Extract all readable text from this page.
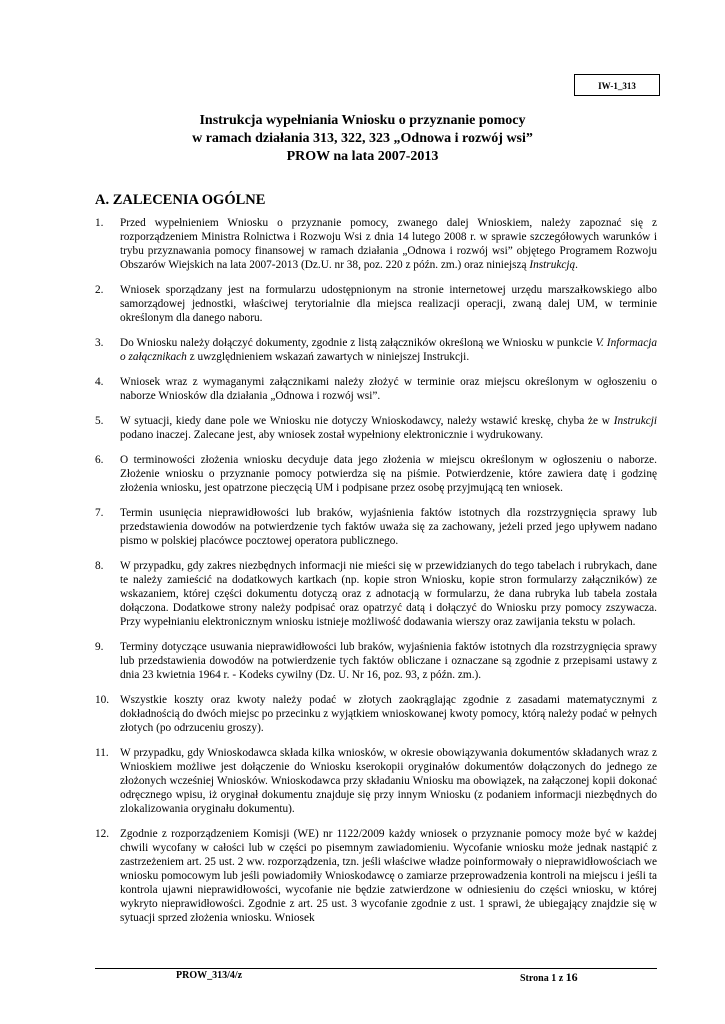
IW-1_313
Instrukcja wypełniania Wniosku o przyznanie pomocy
w ramach działania 313, 322, 323 „Odnowa i rozwój wsi”
PROW na lata 2007-2013
A. ZALECENIA OGÓLNE
1. Przed wypełnieniem Wniosku o przyznanie pomocy, zwanego dalej Wnioskiem, należy zapoznać się z rozporządzeniem Ministra Rolnictwa i Rozwoju Wsi z dnia 14 lutego 2008 r. w sprawie szczegółowych warunków i trybu przyznawania pomocy finansowej w ramach działania „Odnowa i rozwój wsi” objętego Programem Rozwoju Obszarów Wiejskich na lata 2007-2013 (Dz.U. nr 38, poz. 220 z późn. zm.) oraz niniejszą Instrukcją.
2. Wniosek sporządzany jest na formularzu udostępnionym na stronie internetowej urzędu marszałkowskiego albo samorządowej jednostki, właściwej terytorialnie dla miejsca realizacji operacji, zwaną dalej UM, w terminie określonym dla danego naboru.
3. Do Wniosku należy dołączyć dokumenty, zgodnie z listą załączników określoną we Wniosku w punkcie V. Informacja o załącznikach z uwzględnieniem wskazań zawartych w niniejszej Instrukcji.
4. Wniosek wraz z wymaganymi załącznikami należy złożyć w terminie oraz miejscu określonym w ogłoszeniu o naborze Wniosków dla działania „Odnowa i rozwój wsi”.
5. W sytuacji, kiedy dane pole we Wniosku nie dotyczy Wnioskodawcy, należy wstawić kreskę, chyba że w Instrukcji podano inaczej. Zalecane jest, aby wniosek został wypełniony elektronicznie i wydrukowany.
6. O terminowości złożenia wniosku decyduje data jego złożenia w miejscu określonym w ogłoszeniu o naborze. Złożenie wniosku o przyznanie pomocy potwierdza się na piśmie. Potwierdzenie, które zawiera datę i godzinę złożenia wniosku, jest opatrzone pieczęcią UM i podpisane przez osobę przyjmującą ten wniosek.
7. Termin usunięcia nieprawidłowości lub braków, wyjaśnienia faktów istotnych dla rozstrzygnięcia sprawy lub przedstawienia dowodów na potwierdzenie tych faktów uważa się za zachowany, jeżeli przed jego upływem nadano pismo w polskiej placówce pocztowej operatora publicznego.
8. W przypadku, gdy zakres niezbędnych informacji nie mieści się w przewidzianych do tego tabelach i rubrykach, dane te należy zamieścić na dodatkowych kartkach (np. kopie stron Wniosku, kopie stron formularzy załączników) ze wskazaniem, której części dokumentu dotyczą oraz z adnotacją w formularzu, że dana rubryka lub tabela została dołączona. Dodatkowe strony należy podpisać oraz opatrzyć datą i dołączyć do Wniosku przy pomocy zszywacza. Przy wypełnianiu elektronicznym wniosku istnieje możliwość dodawania wierszy oraz zawijania tekstu w polach.
9. Terminy dotyczące usuwania nieprawidłowości lub braków, wyjaśnienia faktów istotnych dla rozstrzygnięcia sprawy lub przedstawienia dowodów na potwierdzenie tych faktów obliczane i oznaczane są zgodnie z przepisami ustawy z dnia 23 kwietnia 1964 r. - Kodeks cywilny (Dz. U. Nr 16, poz. 93, z późn. zm.).
10. Wszystkie koszty oraz kwoty należy podać w złotych zaokrąglając zgodnie z zasadami matematycznymi z dokładnością do dwóch miejsc po przecinku z wyjątkiem wnioskowanej kwoty pomocy, którą należy podać w pełnych złotych (po odrzuceniu groszy).
11. W przypadku, gdy Wnioskodawca składa kilka wniosków, w okresie obowiązywania dokumentów składanych wraz z Wnioskiem możliwe jest dołączenie do Wniosku kserokopii oryginałów dokumentów dołączonych do jednego ze złożonych wcześniej Wniosków. Wnioskodawca przy składaniu Wniosku ma obowiązek, na załączonej kopii dokonać odręcznego wpisu, iż oryginał dokumentu znajduje się przy innym Wniosku (z podaniem informacji niezbędnych do zlokalizowania oryginału dokumentu).
12. Zgodnie z rozporządzeniem Komisji (WE) nr 1122/2009 każdy wniosek o przyznanie pomocy może być w każdej chwili wycofany w całości lub w części po pisemnym zawiadomieniu. Wycofanie wniosku może jednak nastąpić z zastrzeżeniem art. 25 ust. 2 ww. rozporządzenia, tzn. jeśli właściwe władze poinformowały o nieprawidłowościach we wniosku pomocowym lub jeśli powiadomiły Wnioskodawcę o zamiarze przeprowadzenia kontroli na miejscu i jeśli ta kontrola ujawni nieprawidłowości, wycofanie nie będzie zatwierdzone w odniesieniu do części wniosku, w której wykryto nieprawidłowości. Zgodnie z art. 25 ust. 3 wycofanie zgodnie z ust. 1 sprawi, że ubiegający znajdzie się w sytuacji sprzed złożenia wniosku. Wniosek
PROW_313/4/z	Strona 1 z 16
